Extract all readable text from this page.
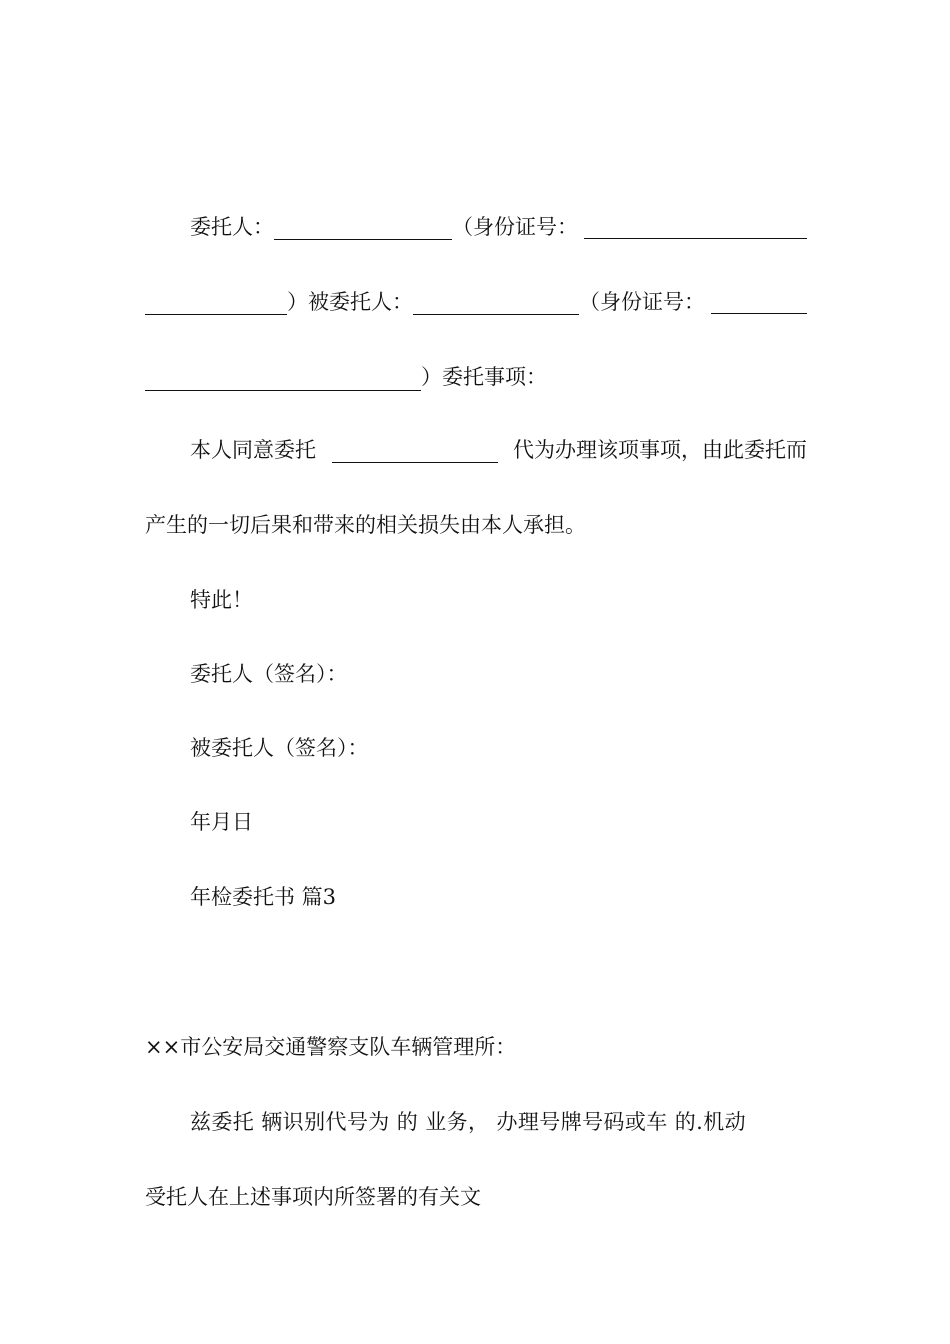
委托人：	（身份证号：
）被委托人：	（身份证号：
）委托事项：
本人同意委托	代为办理该项事项，由此委托而
产生的一切后果和带来的相关损失由本人承担。
特此！
委托人（签名）：
被委托人（签名）：
年月日
年检委托书 篇3
××市公安局交通警察支队车辆管理所：
兹委托 辆识别代号为 的 业务， 办理号牌号码或车 的.机动
受托人在上述事项内所签署的有关文
